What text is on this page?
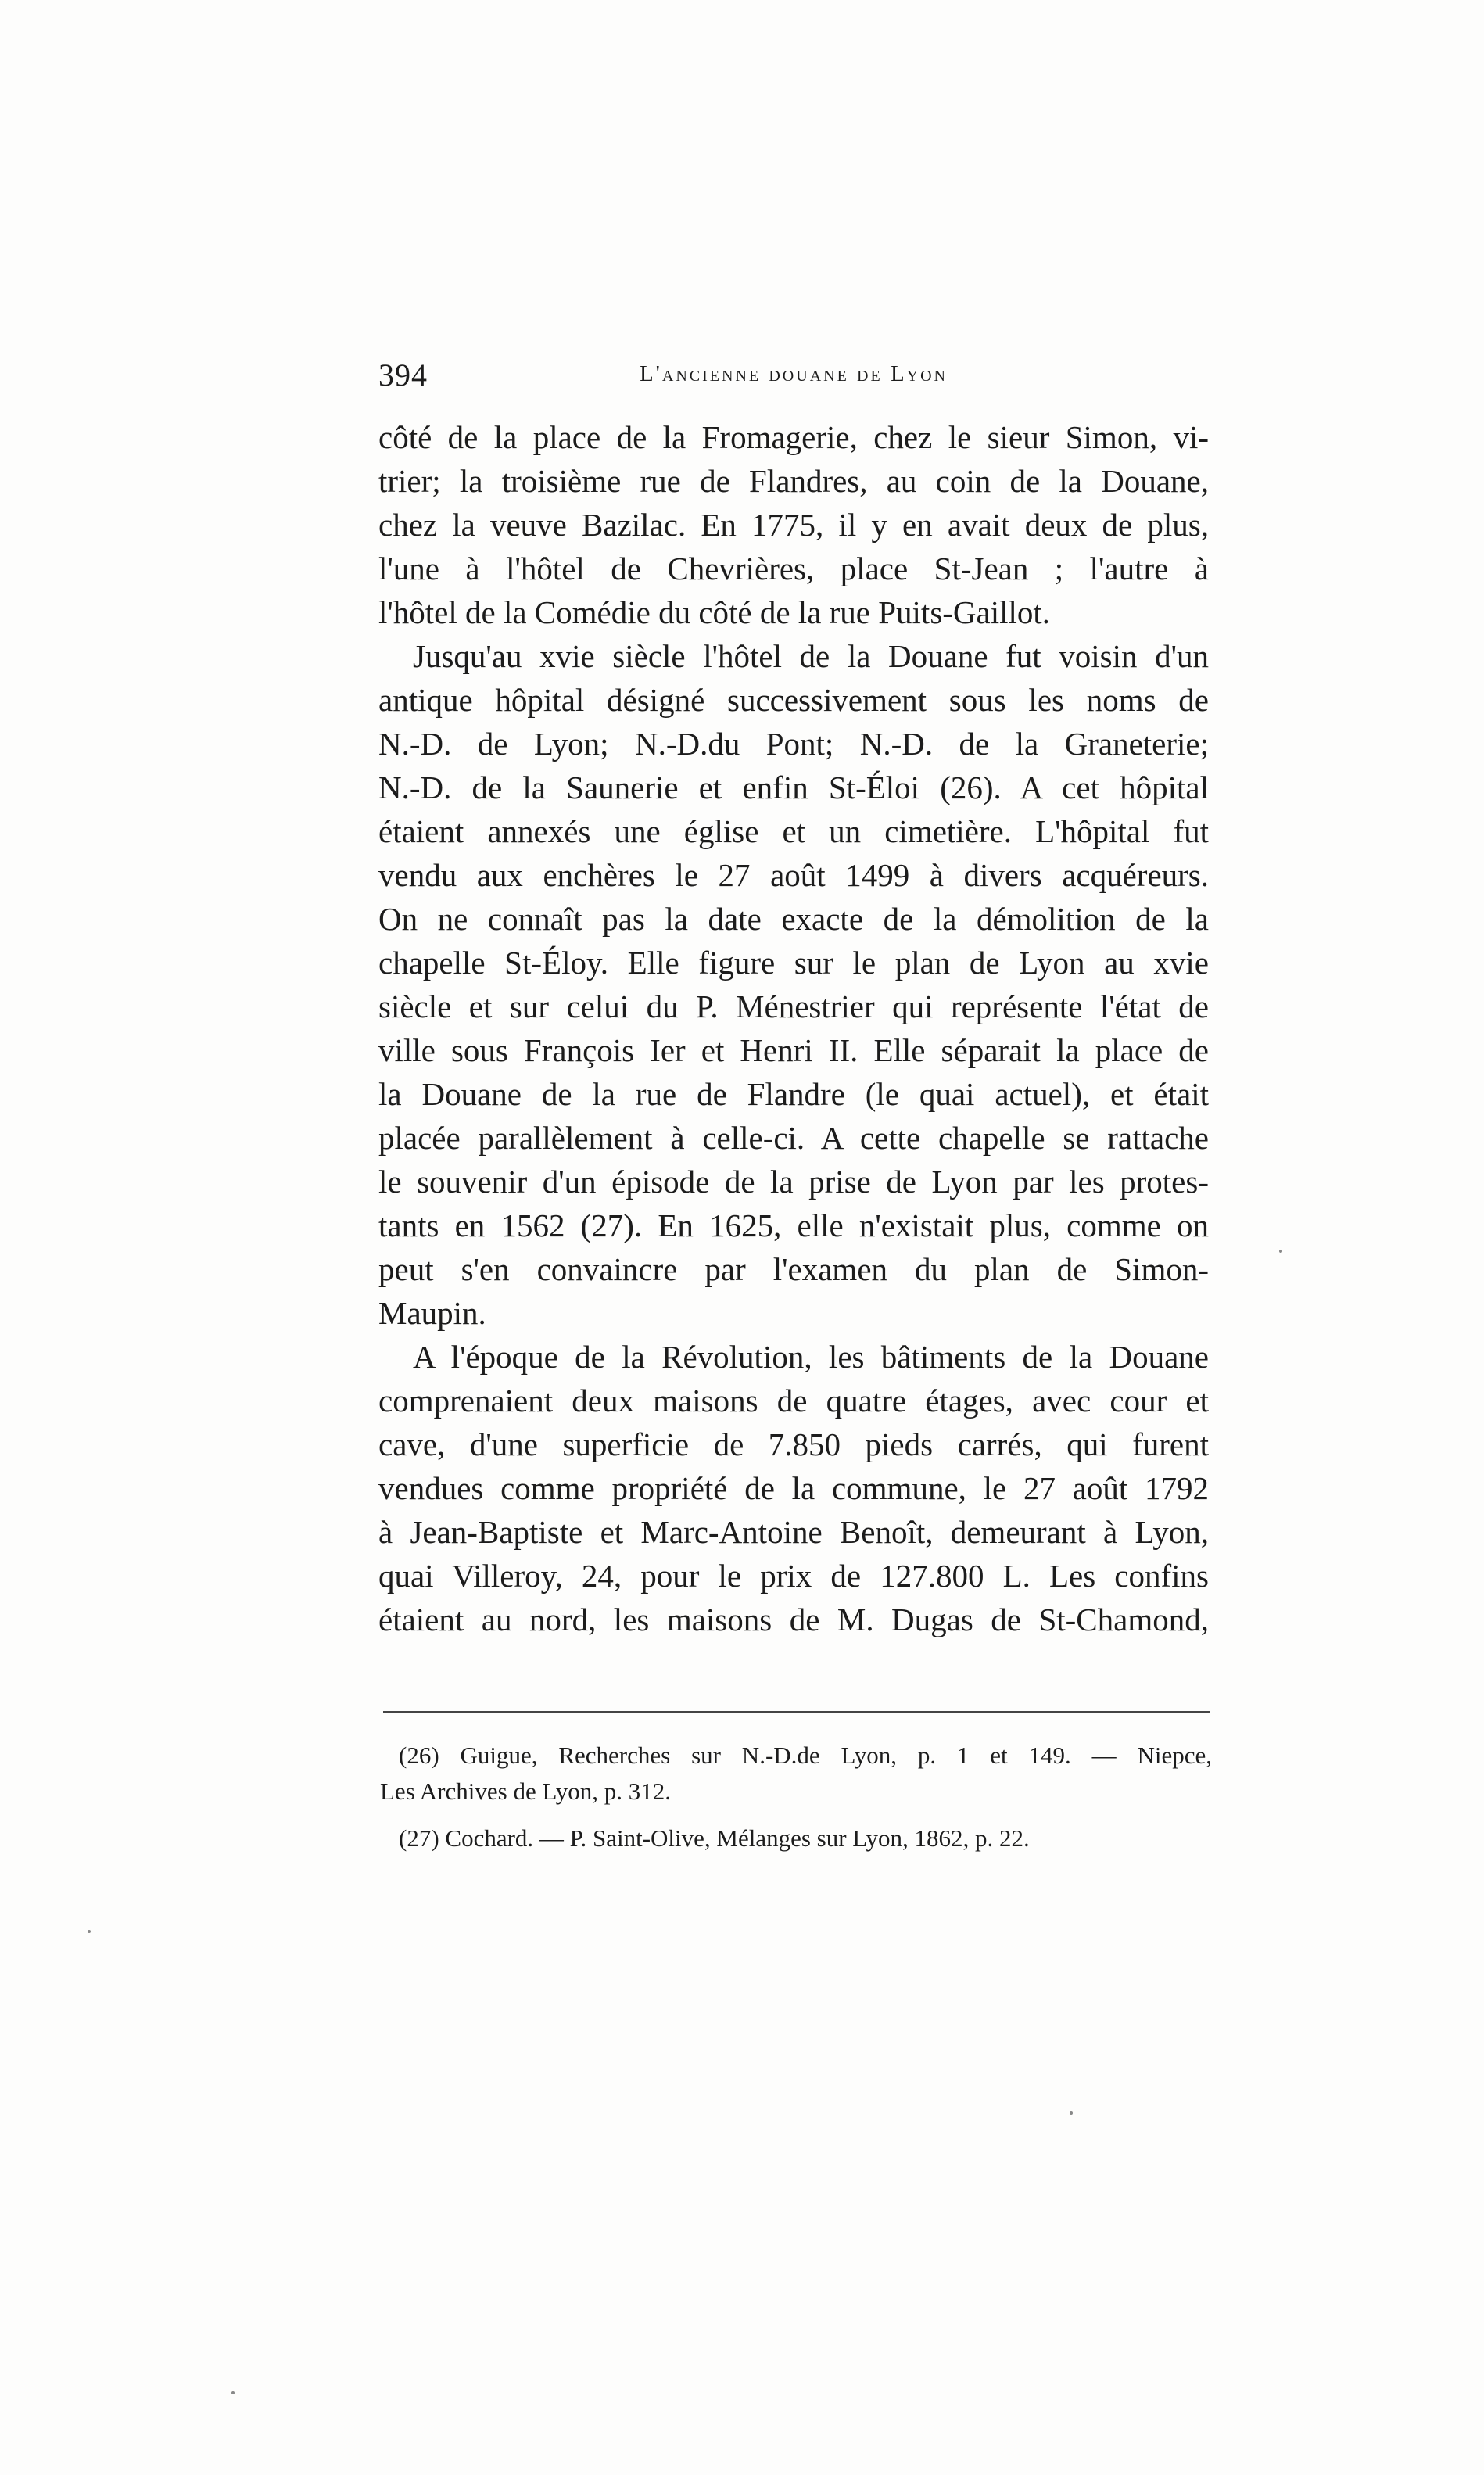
394	L'ancienne douane de Lyon
côté de la place de la Fromagerie, chez le sieur Simon, vi-
trier; la troisième rue de Flandres, au coin de la Douane,
chez la veuve Bazilac. En 1775, il y en avait deux de plus,
l'une à l'hôtel de Chevrières, place St-Jean ; l'autre à
l'hôtel de la Comédie du côté de la rue Puits-Gaillot.
Jusqu'au xvie siècle l'hôtel de la Douane fut voisin d'un
antique hôpital désigné successivement sous les noms de
N.-D. de Lyon; N.-D.du Pont; N.-D. de la Graneterie;
N.-D. de la Saunerie et enfin St-Éloi (26). A cet hôpital
étaient annexés une église et un cimetière. L'hôpital fut
vendu aux enchères le 27 août 1499 à divers acquéreurs.
On ne connaît pas la date exacte de la démolition de la
chapelle St-Éloy. Elle figure sur le plan de Lyon au xvie
siècle et sur celui du P. Ménestrier qui représente l'état de
ville sous François Ier et Henri II. Elle séparait la place de
la Douane de la rue de Flandre (le quai actuel), et était
placée parallèlement à celle-ci. A cette chapelle se rattache
le souvenir d'un épisode de la prise de Lyon par les protes-
tants en 1562 (27). En 1625, elle n'existait plus, comme on
peut s'en convaincre par l'examen du plan de Simon-
Maupin.
A l'époque de la Révolution, les bâtiments de la Douane
comprenaient deux maisons de quatre étages, avec cour et
cave, d'une superficie de 7.850 pieds carrés, qui furent
vendues comme propriété de la commune, le 27 août 1792
à Jean-Baptiste et Marc-Antoine Benoît, demeurant à Lyon,
quai Villeroy, 24, pour le prix de 127.800 L. Les confins
étaient au nord, les maisons de M. Dugas de St-Chamond,
(26) Guigue, Recherches sur N.-D.de Lyon, p. 1 et 149. — Niepce,
Les Archives de Lyon, p. 312.
(27) Cochard. — P. Saint-Olive, Mélanges sur Lyon, 1862, p. 22.
